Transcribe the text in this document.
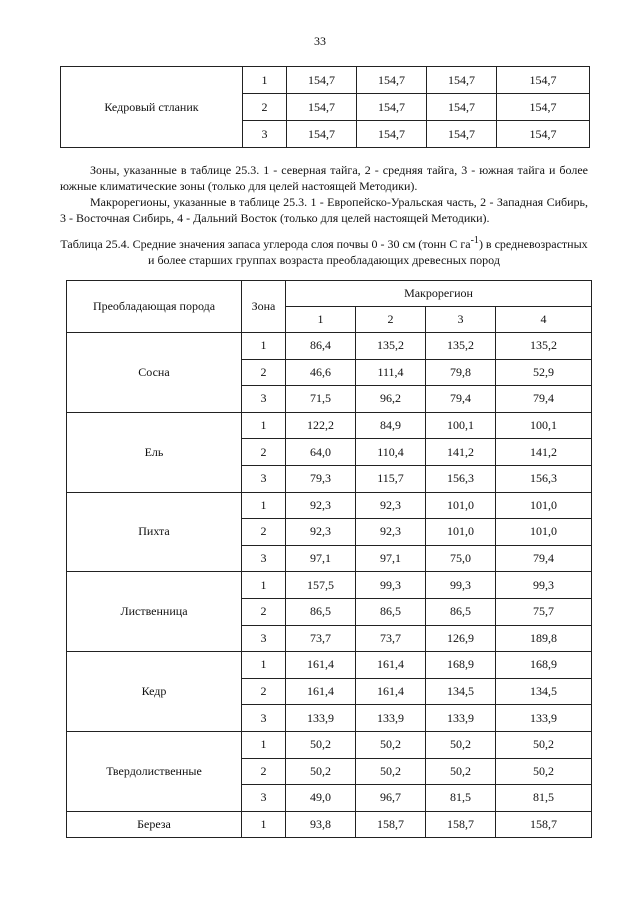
33
Кедровый стланик	1	154,7	154,7	154,7	154,7
	2	154,7	154,7	154,7	154,7
	3	154,7	154,7	154,7	154,7

Зоны, указанные в таблице 25.3. 1 - северная тайга, 2 - средняя тайга, 3 - южная тайга и более южные климатические зоны (только для целей настоящей Методики).

Макрорегионы, указанные в таблице 25.3. 1 - Европейско-Уральская часть, 2 - Западная Сибирь, 3 - Восточная Сибирь, 4 - Дальний Восток (только для целей настоящей Методики).

Таблица 25.4. Средние значения запаса углерода слоя почвы 0 - 30 см (тонн С $га^{-1}$) в средневозрастных и более старших группах возраста преобладающих древесных пород
Преобладающая порода	Зона	Макрорегион			
		1	2	3	4
Сосна	1	86,4	135,2	135,2	135,2
	2	46,6	111,4	79,8	52,9
	3	71,5	96,2	79,4	79,4
Ель	1	122,2	84,9	100,1	100,1
	2	64,0	110,4	141,2	141,2
	3	79,3	115,7	156,3	156,3
Пихта	1	92,3	92,3	101,0	101,0
	2	92,3	92,3	101,0	101,0
	3	97,1	97,1	75,0	79,4
Лиственница	1	157,5	99,3	99,3	99,3
	2	86,5	86,5	86,5	75,7
	3	73,7	73,7	126,9	189,8
Кедр	1	161,4	161,4	168,9	168,9
	2	161,4	161,4	134,5	134,5
	3	133,9	133,9	133,9	133,9
Твердолиственные	1	50,2	50,2	50,2	50,2
	2	50,2	50,2	50,2	50,2
	3	49,0	96,7	81,5	81,5
Береза	1	93,8	158,7	158,7	158,7
